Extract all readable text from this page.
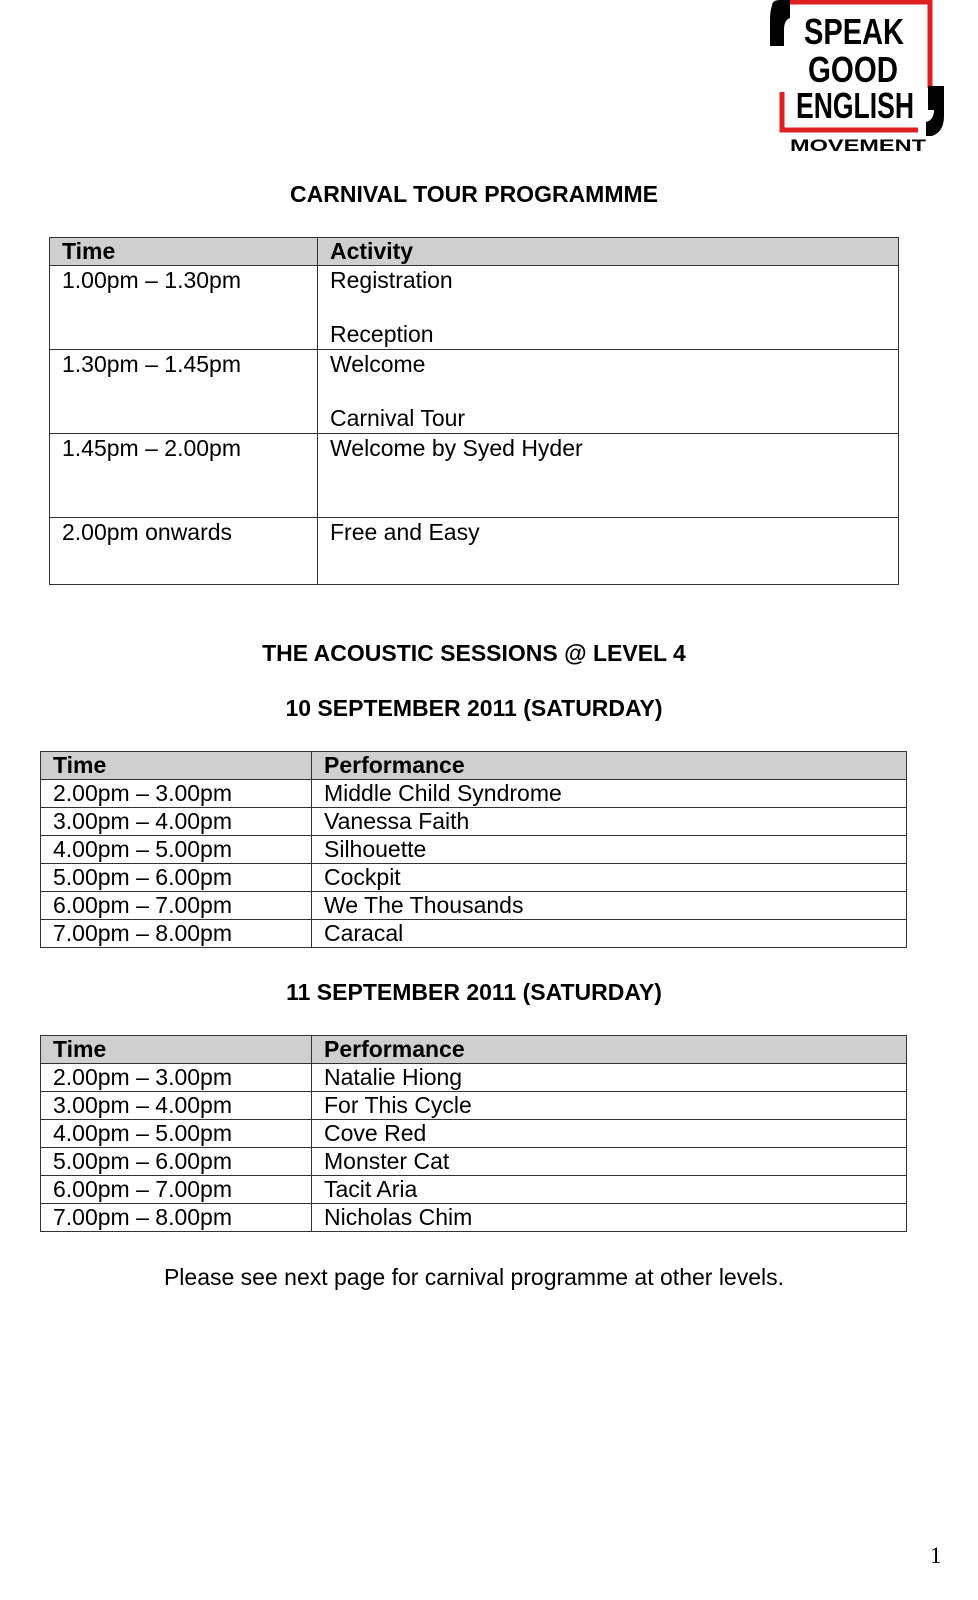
SPEAK
GOOD
ENGLISH
MOVEMENT
CARNIVAL TOUR PROGRAMMME
Time	Activity
1.00pm – 1.30pm	Registration
Reception

1.30pm – 1.45pm	Welcome
Carnival Tour

1.45pm – 2.00pm	Welcome by Syed Hyder

2.00pm onwards	Free and Easy
THE ACOUSTIC SESSIONS @ LEVEL 4
10 SEPTEMBER 2011 (SATURDAY)
Time	Performance
2.00pm – 3.00pm	Middle Child Syndrome
3.00pm – 4.00pm	Vanessa Faith
4.00pm – 5.00pm	Silhouette
5.00pm – 6.00pm	Cockpit
6.00pm – 7.00pm	We The Thousands
7.00pm – 8.00pm	Caracal
11 SEPTEMBER 2011 (SATURDAY)
Time	Performance
2.00pm – 3.00pm	Natalie Hiong
3.00pm – 4.00pm	For This Cycle
4.00pm – 5.00pm	Cove Red
5.00pm – 6.00pm	Monster Cat
6.00pm – 7.00pm	Tacit Aria
7.00pm – 8.00pm	Nicholas Chim

Please see next page for carnival programme at other levels.

1
